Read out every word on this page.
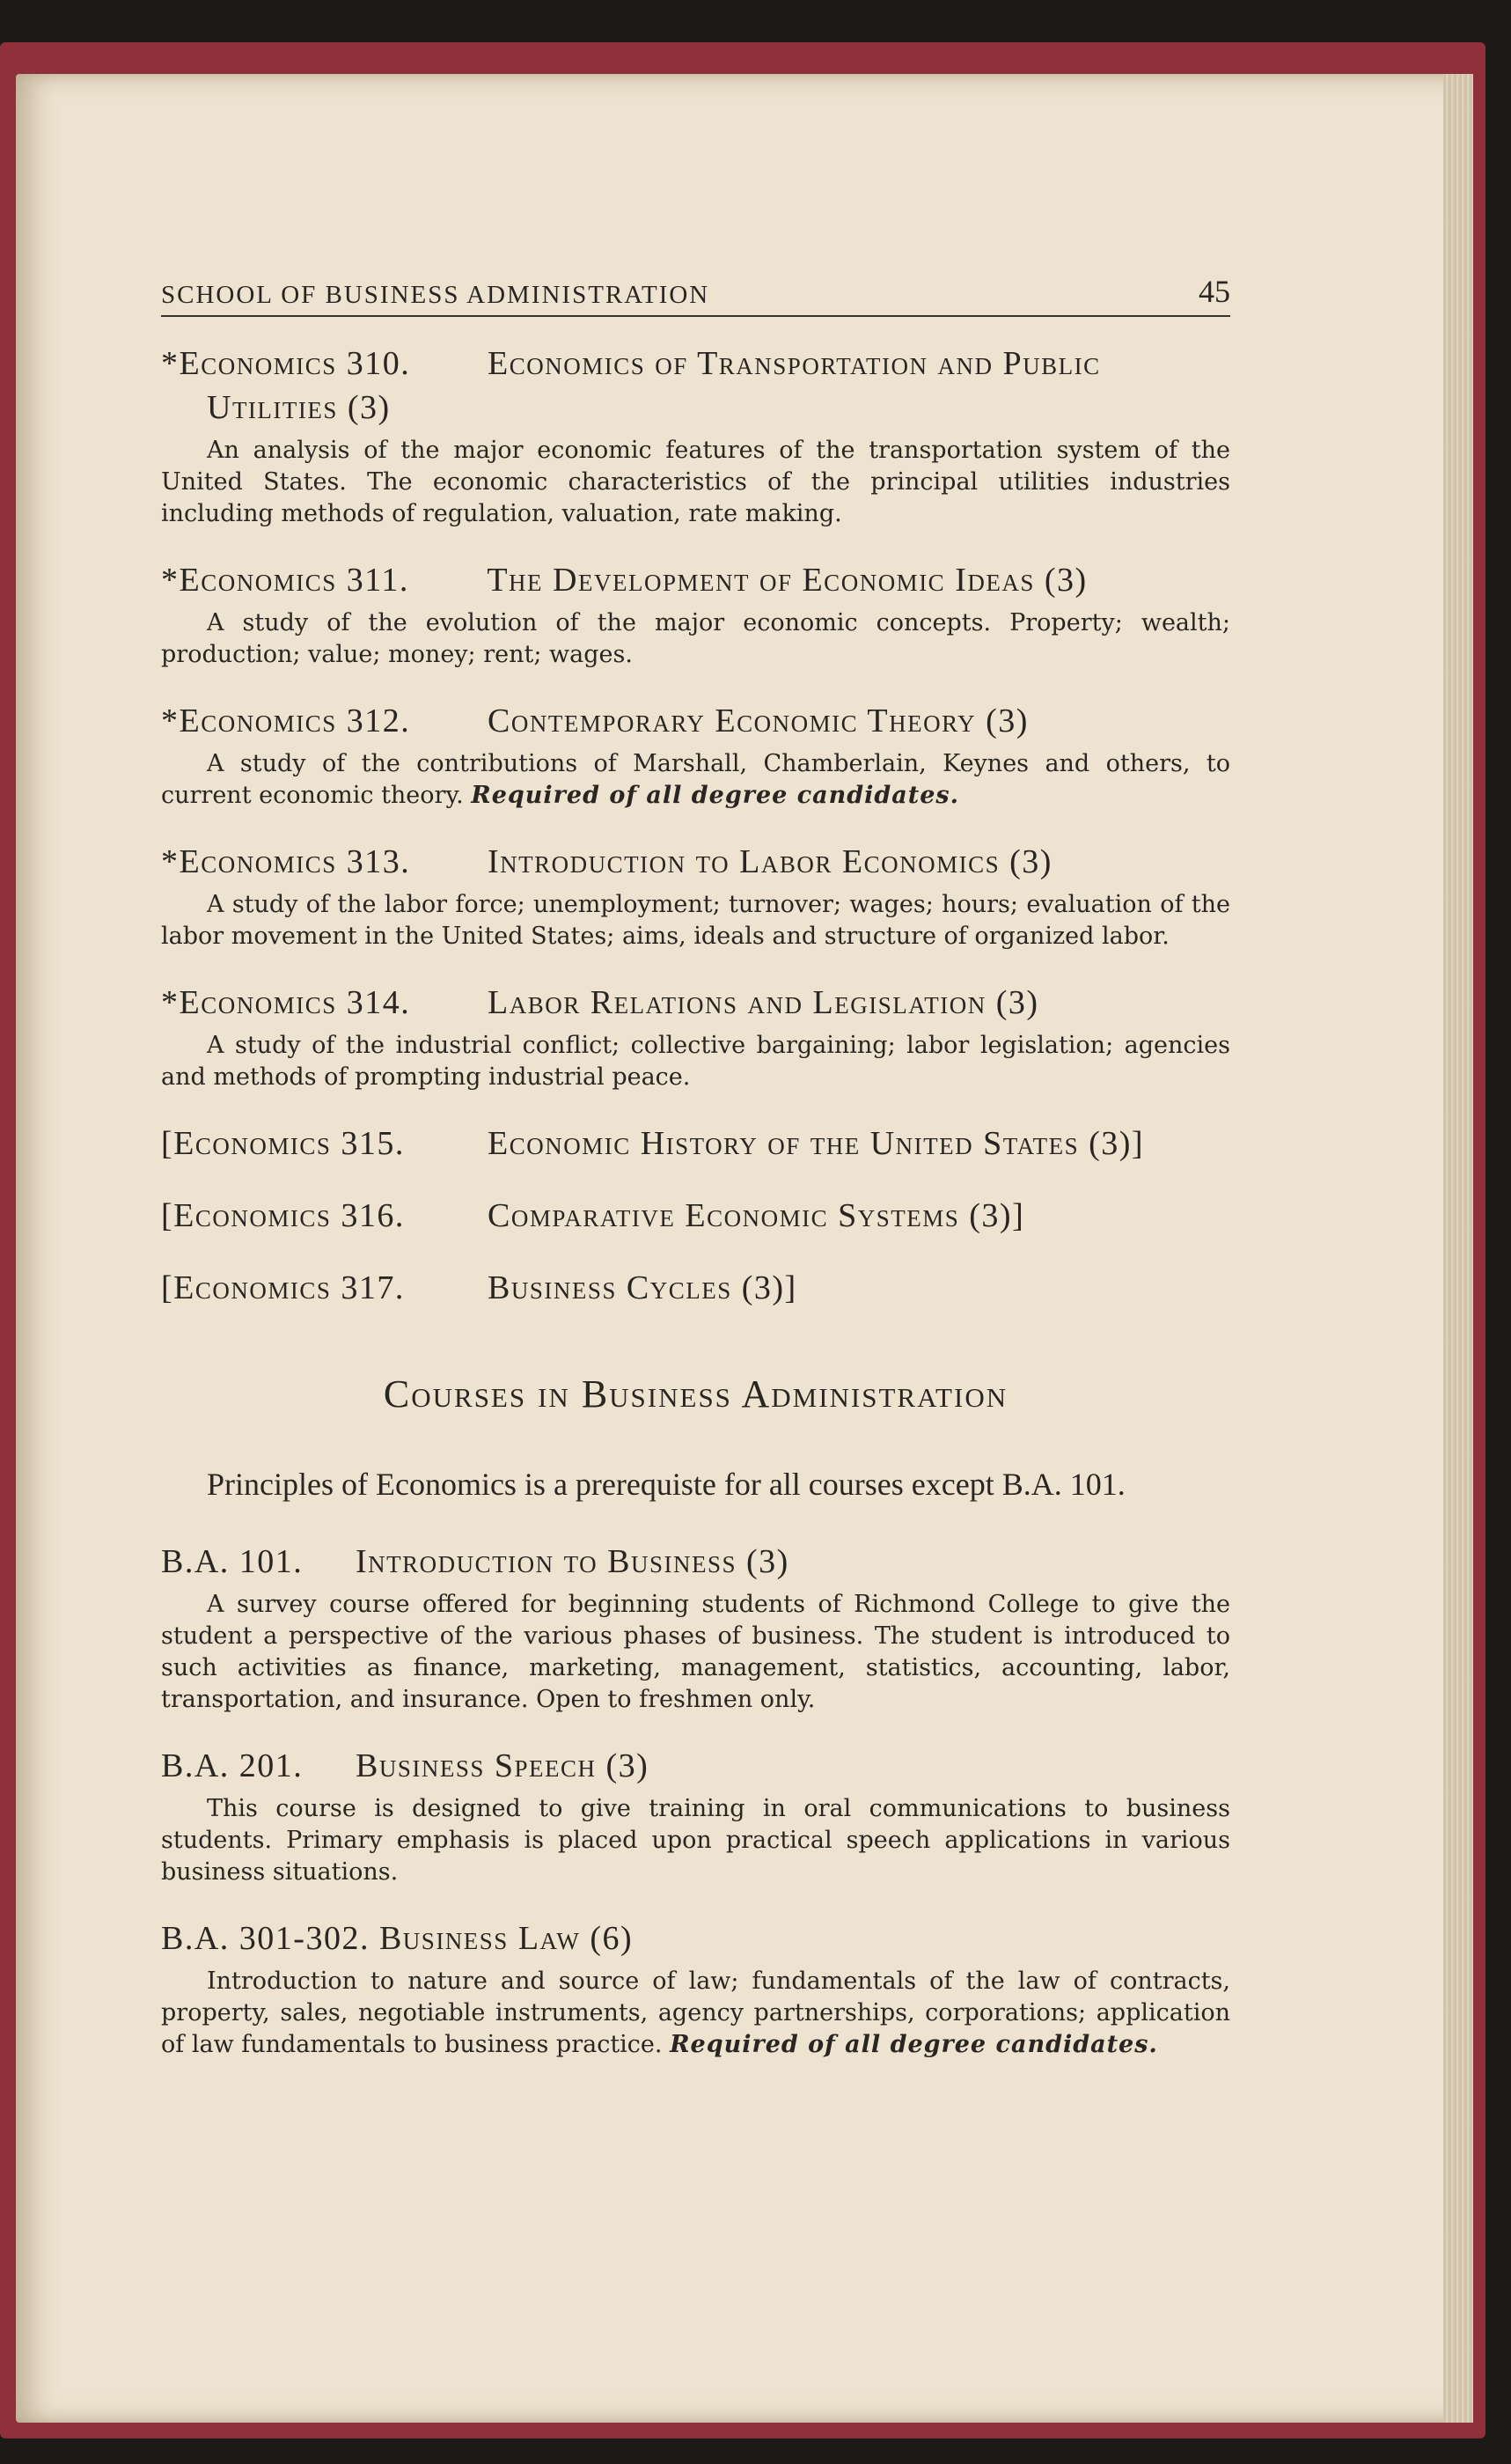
SCHOOL OF BUSINESS ADMINISTRATION	45
*Economics 310. Economics of Transportation and Public
Utilities (3)

An analysis of the major economic features of the transportation system of the United States. The economic characteristics of the principal utilities industries including methods of regulation, valuation, rate making.

*Economics 311. The Development of Economic Ideas (3)

A study of the evolution of the major economic concepts. Property; wealth; production; value; money; rent; wages.

*Economics 312. Contemporary Economic Theory (3)

A study of the contributions of Marshall, Chamberlain, Keynes and others, to current economic theory. Required of all degree candidates.

*Economics 313. Introduction to Labor Economics (3)

A study of the labor force; unemployment; turnover; wages; hours; evaluation of the labor movement in the United States; aims, ideals and structure of organized labor.

*Economics 314. Labor Relations and Legislation (3)

A study of the industrial conflict; collective bargaining; labor legislation; agencies and methods of prompting industrial peace.

[Economics 315. Economic History of the United States (3)]
[Economics 316. Comparative Economic Systems (3)]
[Economics 317. Business Cycles (3)]
Courses in Business Administration

Principles of Economics is a prerequiste for all courses except B.A. 101.

B.A. 101. Introduction to Business (3)

A survey course offered for beginning students of Richmond College to give the student a perspective of the various phases of business. The student is introduced to such activities as finance, marketing, management, statistics, accounting, labor, transportation, and insurance. Open to freshmen only.

B.A. 201. Business Speech (3)

This course is designed to give training in oral communications to business students. Primary emphasis is placed upon practical speech applications in various business situations.

B.A. 301-302. Business Law (6)

Introduction to nature and source of law; fundamentals of the law of contracts, property, sales, negotiable instruments, agency partnerships, corporations; application of law fundamentals to business practice. Required of all degree candidates.
